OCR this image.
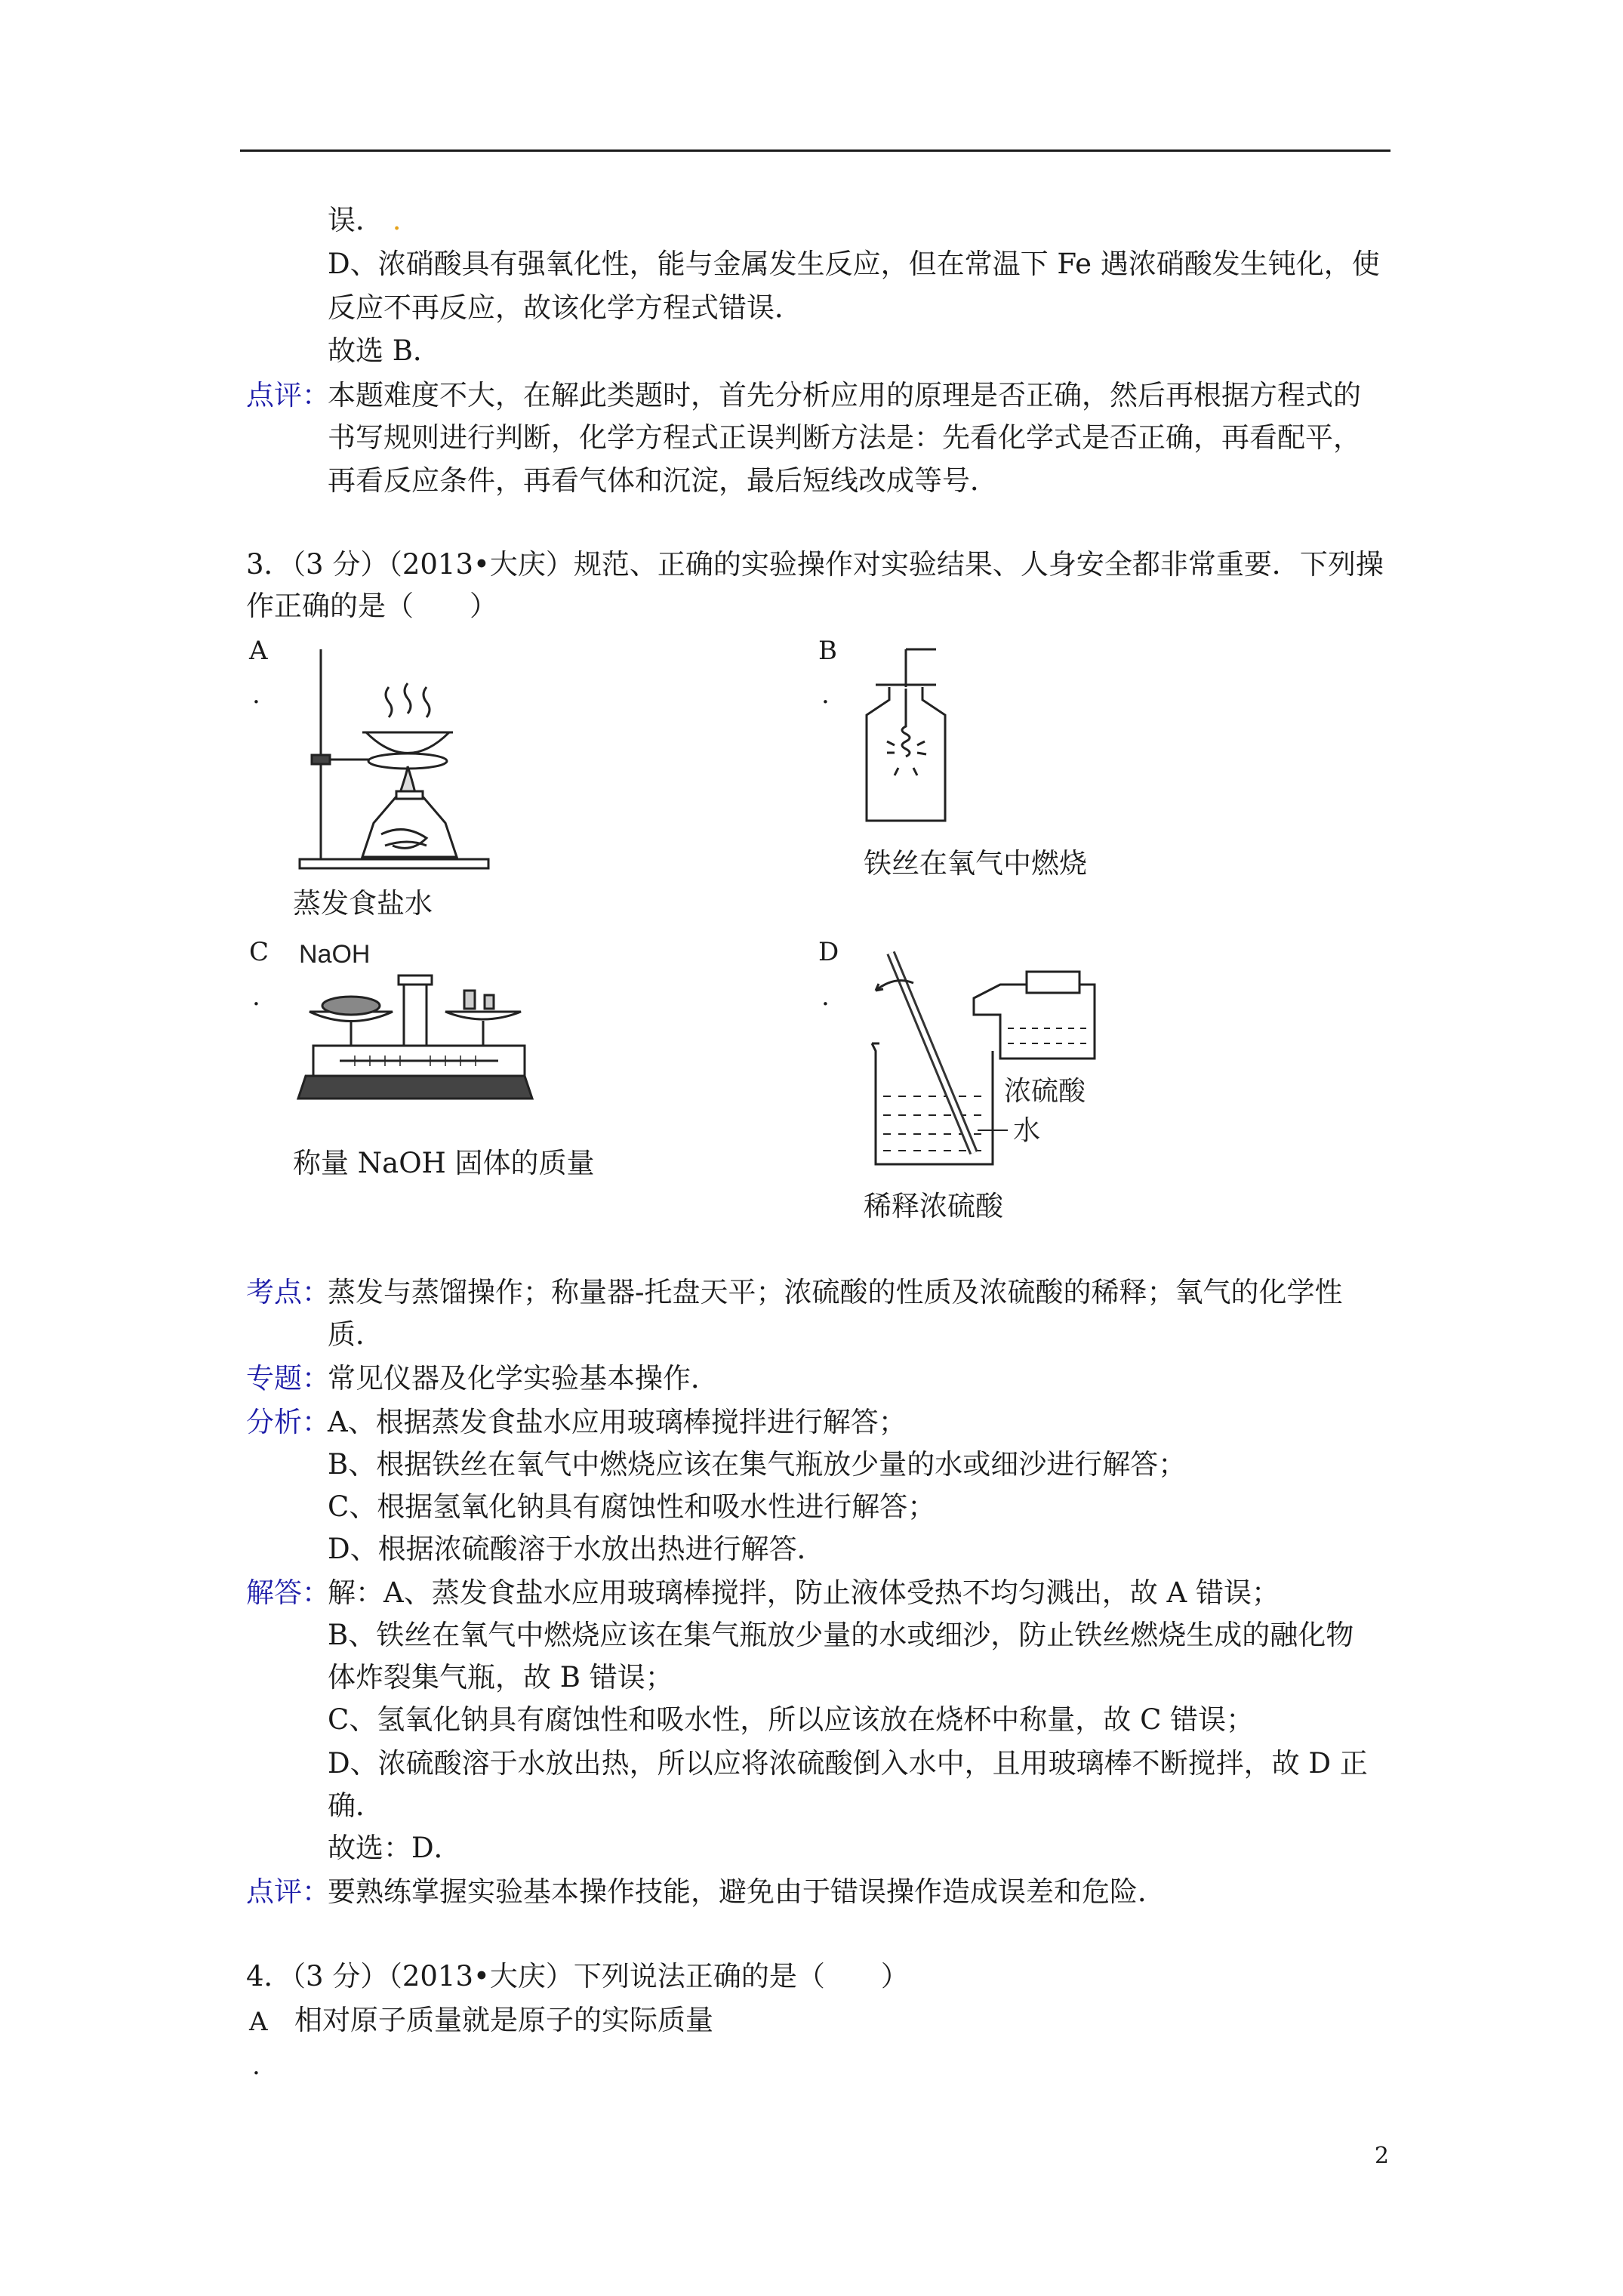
误． .
D、浓硝酸具有强氧化性，能与金属发生反应，但在常温下 Fe 遇浓硝酸发生钝化，使
反应不再反应，故该化学方程式错误．
故选 B．
点评：
本题难度不大，在解此类题时，首先分析应用的原理是否正确，然后再根据方程式的
书写规则进行判断，化学方程式正误判断方法是：先看化学式是否正确，再看配平，
再看反应条件，再看气体和沉淀，最后短线改成等号．
3．（3 分）（2013•大庆）规范、正确的实验操作对实验结果、人身安全都非常重要．下列操
作正确的是（　　）
A
.
蒸发食盐水
B
.
铁丝在氧气中燃烧
C
.
NaOH
称量 NaOH 固体的质量
D
.
浓硫酸
水
稀释浓硫酸
考点：
蒸发与蒸馏操作；称量器-托盘天平；浓硫酸的性质及浓硫酸的稀释；氧气的化学性
质．
专题：
常见仪器及化学实验基本操作．
分析：
A、根据蒸发食盐水应用玻璃棒搅拌进行解答；
B、根据铁丝在氧气中燃烧应该在集气瓶放少量的水或细沙进行解答；
C、根据氢氧化钠具有腐蚀性和吸水性进行解答；
D、根据浓硫酸溶于水放出热进行解答．
解答：
解：A、蒸发食盐水应用玻璃棒搅拌，防止液体受热不均匀溅出，故 A 错误；
B、铁丝在氧气中燃烧应该在集气瓶放少量的水或细沙，防止铁丝燃烧生成的融化物
体炸裂集气瓶，故 B 错误；
C、氢氧化钠具有腐蚀性和吸水性，所以应该放在烧杯中称量，故 C 错误；
D、浓硫酸溶于水放出热，所以应将浓硫酸倒入水中，且用玻璃棒不断搅拌，故 D 正
确．
故选：D．
点评：
要熟练掌握实验基本操作技能，避免由于错误操作造成误差和危险．
4．（3 分）（2013•大庆）下列说法正确的是（　　）
A 相对原子质量就是原子的实际质量
.
2
